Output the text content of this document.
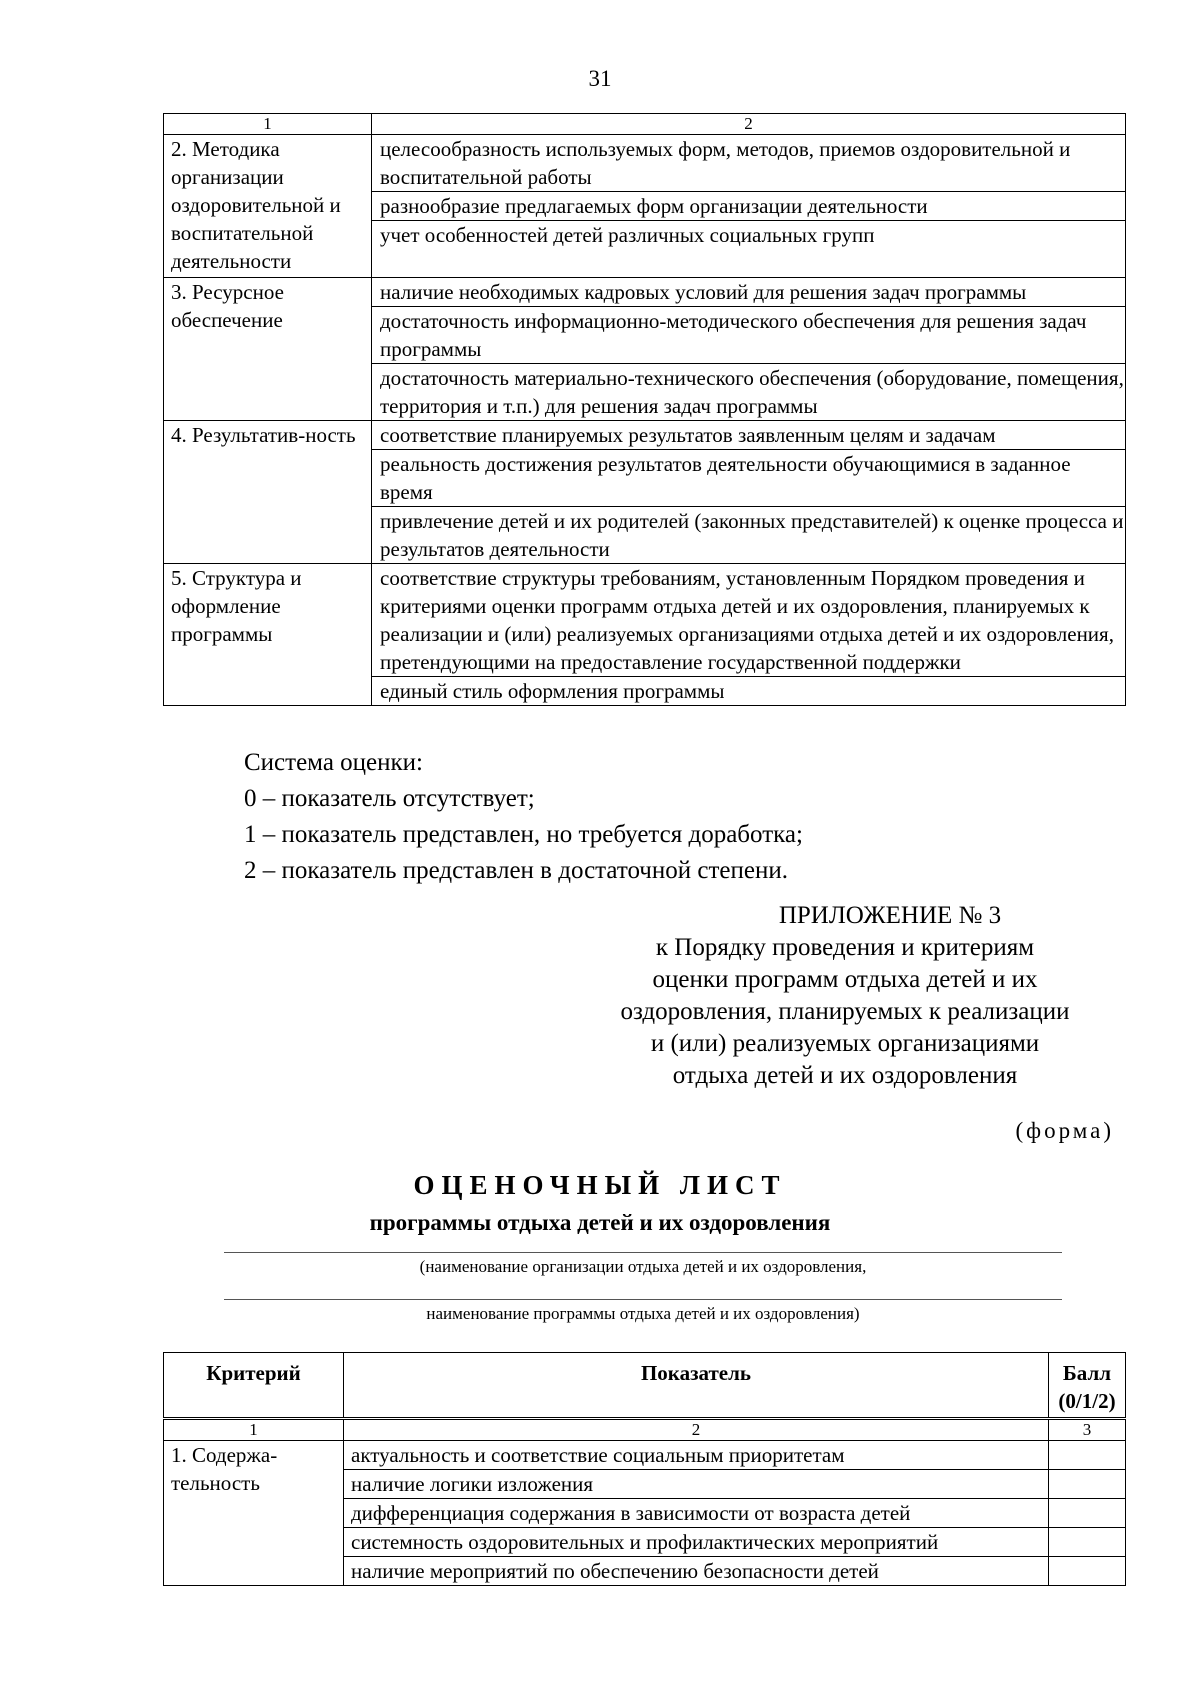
31
1	2
2. Методика организации оздоровительной и воспитательной деятельности	целесообразность используемых форм, методов, приемов оздоровительной и воспитательной работы
	разнообразие предлагаемых форм организации деятельности
	учет особенностей детей различных социальных групп
3. Ресурсное обеспечение	наличие необходимых кадровых условий для решения задач программы
	достаточность информационно-методического обеспечения для решения задач программы
	достаточность материально-технического обеспечения (оборудование, помещения, территория и т.п.) для решения задач программы
4. Результатив-ность	соответствие планируемых результатов заявленным целям и задачам
	реальность достижения результатов деятельности обучающимися в заданное время
	привлечение детей и их родителей (законных представителей) к оценке процесса и результатов деятельности
5. Структура и оформление программы	соответствие структуры требованиям, установленным Порядком проведения и критериями оценки программ отдыха детей и их оздоровления, планируемых к реализации и (или) реализуемых организациями отдыха детей и их оздоровления, претендующими на предоставление государственной поддержки
	единый стиль оформления программы
Система оценки:
0 – показатель отсутствует;
1 – показатель представлен, но требуется доработка;
2 – показатель представлен в достаточной степени.
ПРИЛОЖЕНИЕ № 3
к Порядку проведения и критериям
оценки программ отдыха детей и их
оздоровления, планируемых к реализации
и (или) реализуемых организациями
отдыха детей и их оздоровления
(форма)
ОЦЕНОЧНЫЙ ЛИСТ
программы отдыха детей и их оздоровления
(наименование организации отдыха детей и их оздоровления,
наименование программы отдыха детей и их оздоровления)
Критерий	Показатель	Балл (0/1/2)
1	2	3
1. Содержа-тельность	актуальность и соответствие социальным приоритетам	
	наличие логики изложения	
	дифференциация содержания в зависимости от возраста детей	
	системность оздоровительных и профилактических мероприятий	
	наличие мероприятий по обеспечению безопасности детей	
